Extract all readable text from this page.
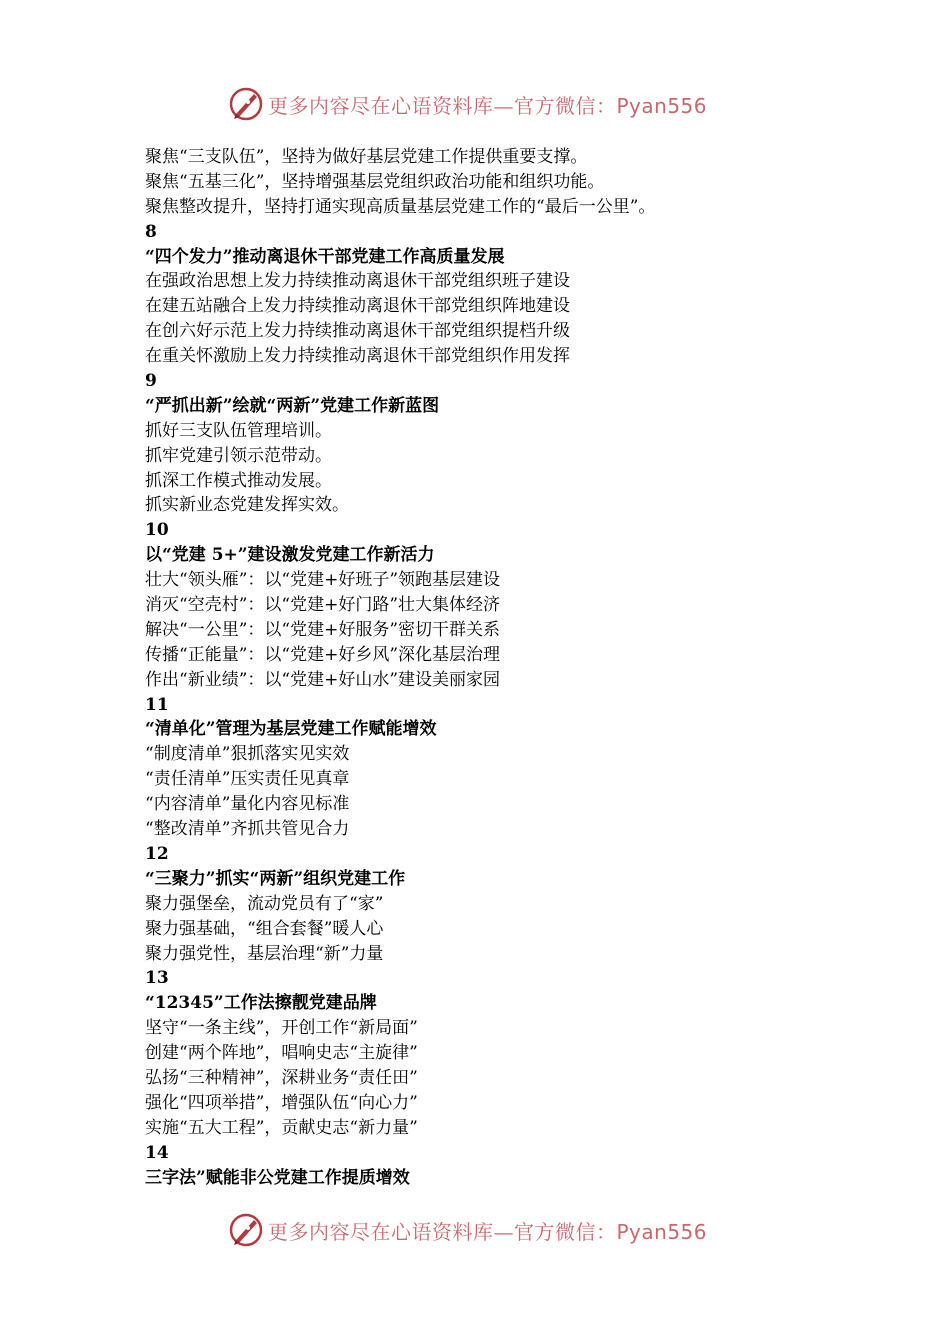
更多内容尽在心语资料库—官方微信：Pyan556
聚焦“三支队伍”，坚持为做好基层党建工作提供重要支撑。
聚焦“五基三化”，坚持增强基层党组织政治功能和组织功能。
聚焦整改提升，坚持打通实现高质量基层党建工作的“最后一公里”。
8
“四个发力”推动离退休干部党建工作高质量发展
在强政治思想上发力持续推动离退休干部党组织班子建设
在建五站融合上发力持续推动离退休干部党组织阵地建设
在创六好示范上发力持续推动离退休干部党组织提档升级
在重关怀激励上发力持续推动离退休干部党组织作用发挥
9
“严抓出新”绘就“两新”党建工作新蓝图
抓好三支队伍管理培训。
抓牢党建引领示范带动。
抓深工作模式推动发展。
抓实新业态党建发挥实效。
10
以“党建 5+”建设激发党建工作新活力
壮大“领头雁”：以“党建+好班子”领跑基层建设
消灭“空壳村”：以“党建+好门路”壮大集体经济
解决“一公里”：以“党建+好服务”密切干群关系
传播“正能量”：以“党建+好乡风”深化基层治理
作出“新业绩”：以“党建+好山水”建设美丽家园
11
“清单化”管理为基层党建工作赋能增效
“制度清单”狠抓落实见实效
“责任清单”压实责任见真章
“内容清单”量化内容见标准
“整改清单”齐抓共管见合力
12
“三聚力”抓实“两新”组织党建工作
聚力强堡垒，流动党员有了“家”
聚力强基础，“组合套餐”暖人心
聚力强党性，基层治理“新”力量
13
“12345”工作法擦靓党建品牌
坚守“一条主线”，开创工作“新局面”
创建“两个阵地”，唱响史志“主旋律”
弘扬“三种精神”，深耕业务“责任田”
强化“四项举措”，增强队伍“向心力”
实施“五大工程”，贡献史志“新力量”
14
三字法”赋能非公党建工作提质增效
更多内容尽在心语资料库—官方微信：Pyan556
